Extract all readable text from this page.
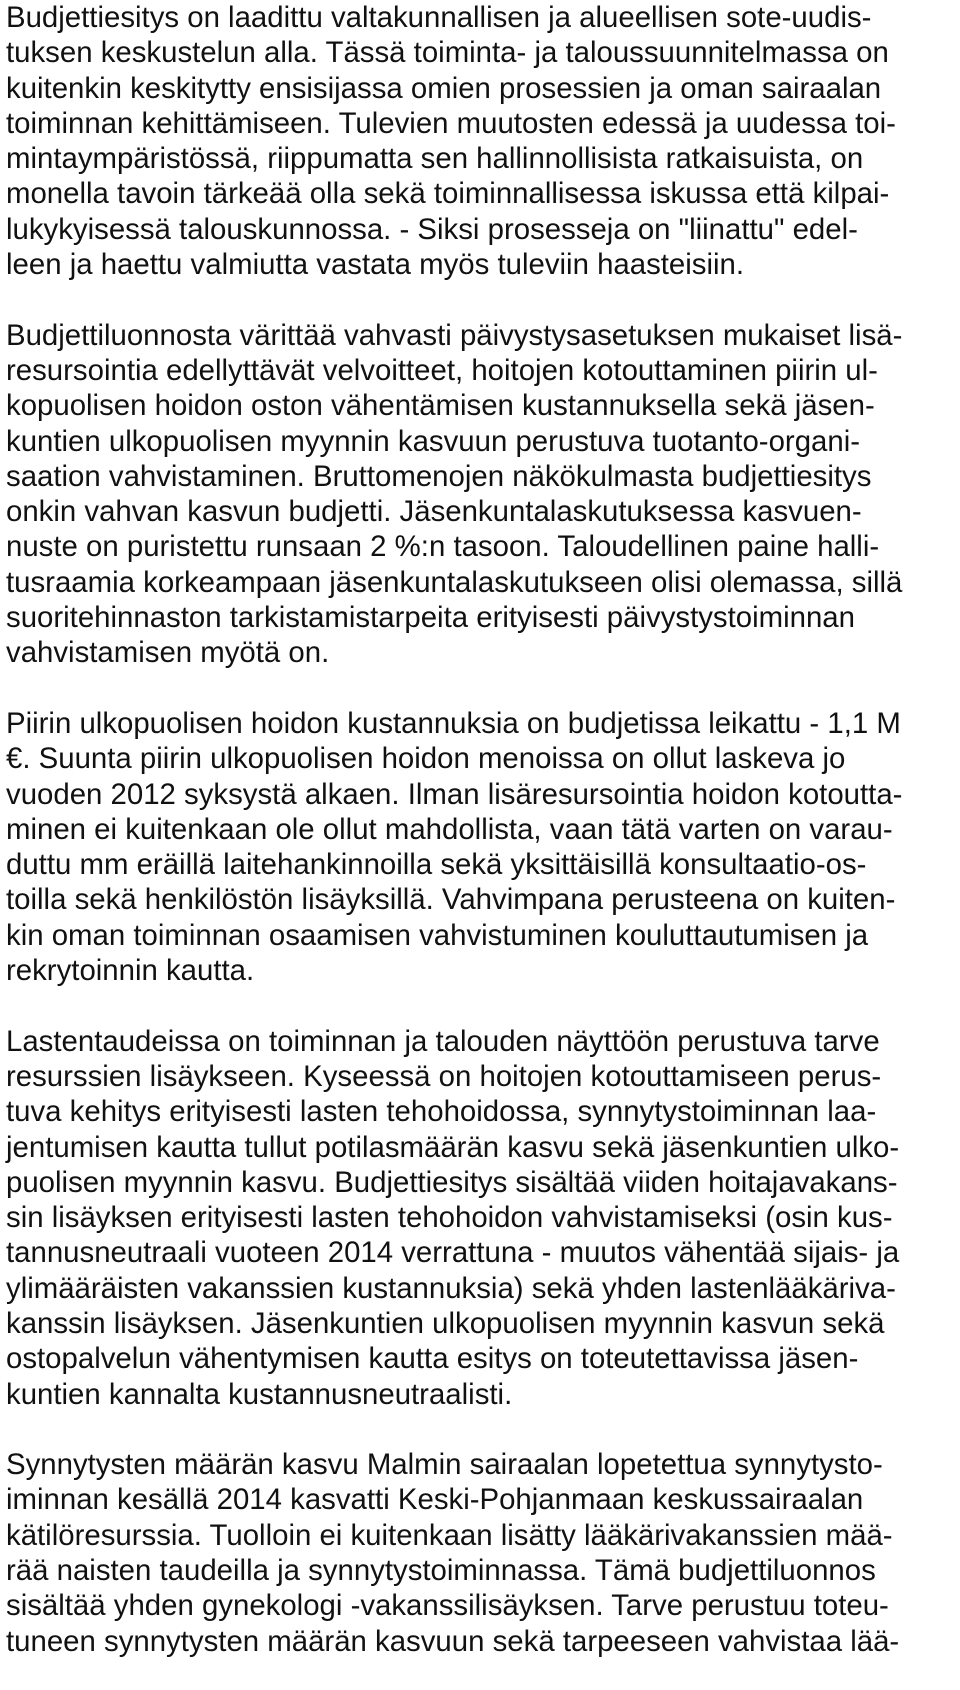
Budjettiesitys on laadittu valtakunnallisen ja alueellisen sote-uudis-
tuksen keskustelun alla. Tässä toiminta- ja taloussuunnitelmassa on
kuitenkin keskitytty ensisijassa omien prosessien ja oman sairaalan
toiminnan kehittämiseen. Tulevien muutosten edessä ja uudessa toi-
mintaympäristössä, riippumatta sen hallinnollisista ratkaisuista, on
monella tavoin tärkeää olla sekä toiminnallisessa iskussa että kilpai-
lukykyisessä talouskunnossa. - Siksi prosesseja on "liinattu" edel-
leen ja haettu valmiutta vastata myös tuleviin haasteisiin.
Budjettiluonnosta värittää vahvasti päivystysasetuksen mukaiset lisä-
resursointia edellyttävät velvoitteet, hoitojen kotouttaminen piirin ul-
kopuolisen hoidon oston vähentämisen kustannuksella sekä jäsen-
kuntien ulkopuolisen myynnin kasvuun perustuva tuotanto-organi-
saation vahvistaminen. Bruttomenojen näkökulmasta budjettiesitys
onkin vahvan kasvun budjetti. Jäsenkuntalaskutuksessa kasvuen-
nuste on puristettu runsaan 2 %:n tasoon. Taloudellinen paine halli-
tusraamia korkeampaan jäsenkuntalaskutukseen olisi olemassa, sillä
suoritehinnaston tarkistamistarpeita erityisesti päivystystoiminnan
vahvistamisen myötä on.
Piirin ulkopuolisen hoidon kustannuksia on budjetissa leikattu - 1,1 M
€. Suunta piirin ulkopuolisen hoidon menoissa on ollut laskeva jo
vuoden 2012 syksystä alkaen. Ilman lisäresursointia hoidon kotoutta-
minen ei kuitenkaan ole ollut mahdollista, vaan tätä varten on varau-
duttu mm eräillä laitehankinnoilla sekä yksittäisillä konsultaatio-os-
toilla sekä henkilöstön lisäyksillä. Vahvimpana perusteena on kuiten-
kin oman toiminnan osaamisen vahvistuminen kouluttautumisen ja
rekrytoinnin kautta.
Lastentaudeissa on toiminnan ja talouden näyttöön perustuva tarve
resurssien lisäykseen. Kyseessä on hoitojen kotouttamiseen perus-
tuva kehitys erityisesti lasten tehohoidossa, synnytystoiminnan laa-
jentumisen kautta tullut potilasmäärän kasvu sekä jäsenkuntien ulko-
puolisen myynnin kasvu. Budjettiesitys sisältää viiden hoitajavakans-
sin lisäyksen erityisesti lasten tehohoidon vahvistamiseksi (osin kus-
tannusneutraali vuoteen 2014 verrattuna - muutos vähentää sijais- ja
ylimääräisten vakanssien kustannuksia) sekä yhden lastenlääkäriva-
kanssin lisäyksen. Jäsenkuntien ulkopuolisen myynnin kasvun sekä
ostopalvelun vähentymisen kautta esitys on toteutettavissa jäsen-
kuntien kannalta kustannusneutraalisti.
Synnytysten määrän kasvu Malmin sairaalan lopetettua synnytysto-
iminnan kesällä 2014 kasvatti Keski-Pohjanmaan keskussairaalan
kätilöresurssia. Tuolloin ei kuitenkaan lisätty lääkärivakanssien mää-
rää naisten taudeilla ja synnytystoiminnassa. Tämä budjettiluonnos
sisältää yhden gynekologi -vakanssilisäyksen. Tarve perustuu toteu-
tuneen synnytysten määrän kasvuun sekä tarpeeseen vahvistaa lää-
